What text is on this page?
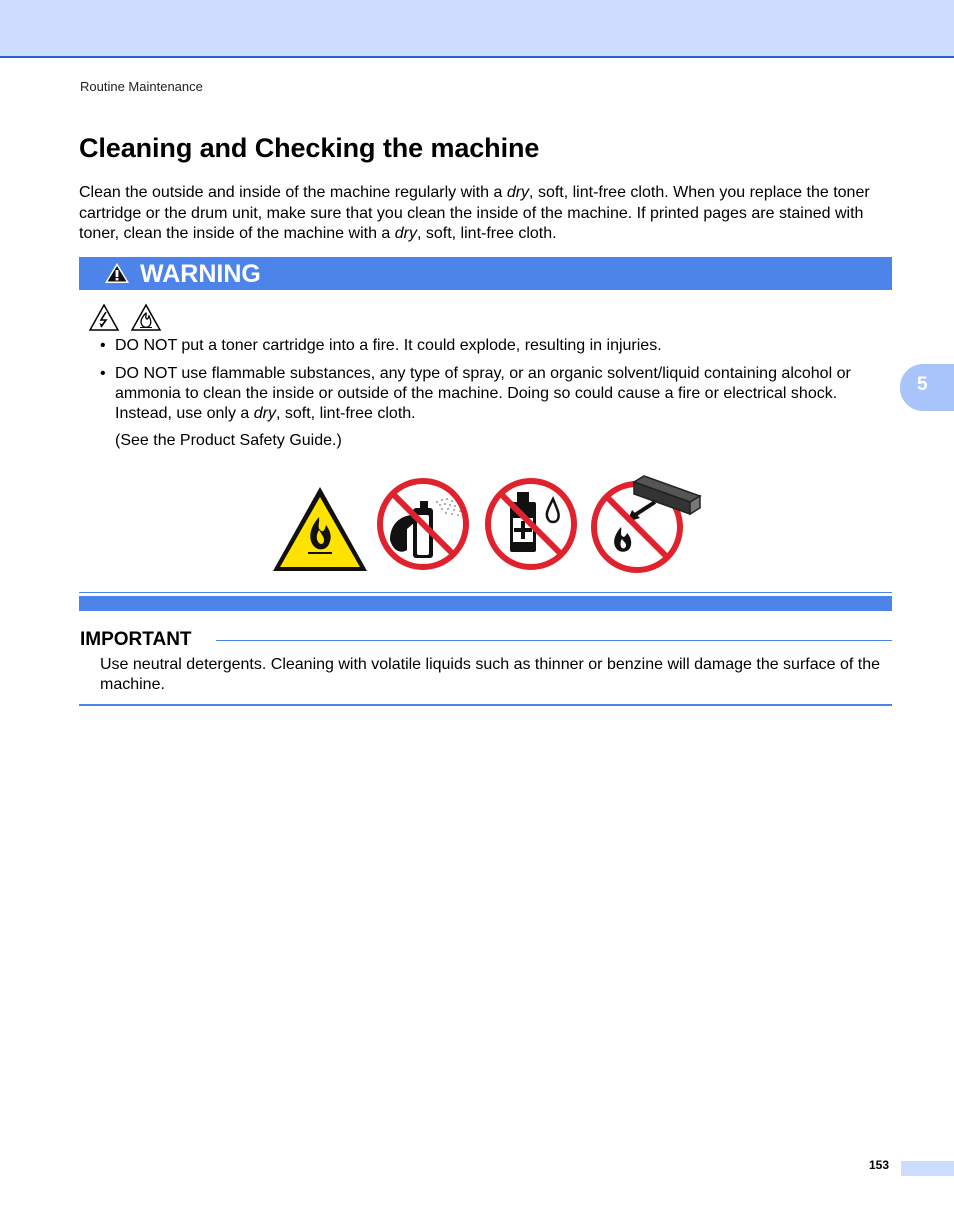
Routine Maintenance
Cleaning and Checking the machine

Clean the outside and inside of the machine regularly with a dry, soft, lint-free cloth. When you replace the toner cartridge or the drum unit, make sure that you clean the inside of the machine. If printed pages are stained with toner, clean the inside of the machine with a dry, soft, lint-free cloth.

WARNING
• DO NOT put a toner cartridge into a fire. It could explode, resulting in injuries.
• DO NOT use flammable substances, any type of spray, or an organic solvent/liquid containing alcohol or ammonia to clean the inside or outside of the machine. Doing so could cause a fire or electrical shock. Instead, use only a dry, soft, lint-free cloth.
(See the Product Safety Guide.)
IMPORTANT

Use neutral detergents. Cleaning with volatile liquids such as thinner or benzine will damage the surface of the machine.

5
153
